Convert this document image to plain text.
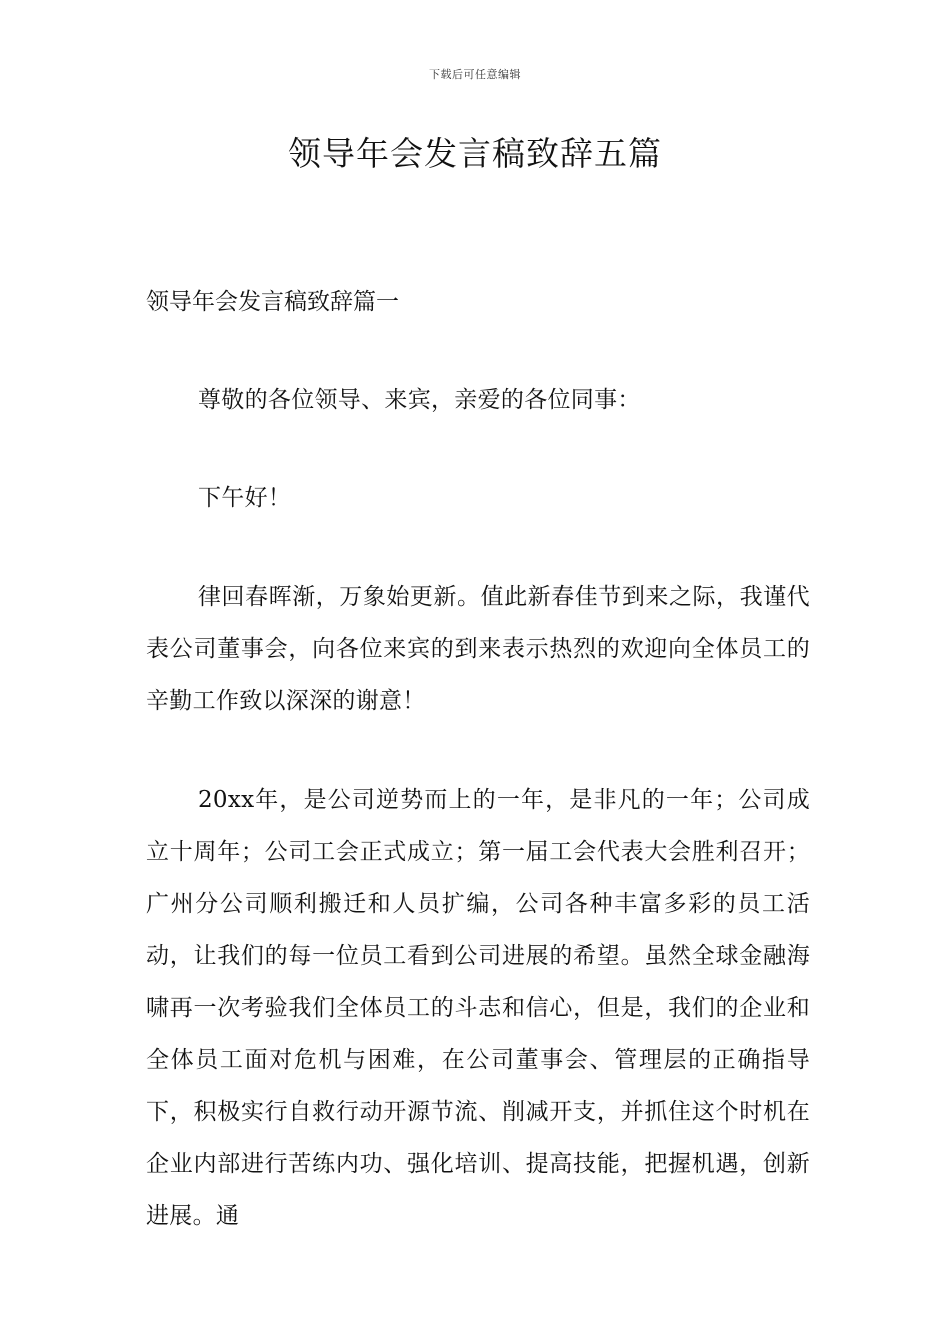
下载后可任意编辑
领导年会发言稿致辞五篇
领导年会发言稿致辞篇一

尊敬的各位领导、来宾，亲爱的各位同事：

下午好！

律回春晖渐，万象始更新。值此新春佳节到来之际，我谨代表公司董事会，向各位来宾的到来表示热烈的欢迎向全体员工的辛勤工作致以深深的谢意！

20xx年，是公司逆势而上的一年，是非凡的一年；公司成立十周年；公司工会正式成立；第一届工会代表大会胜利召开；广州分公司顺利搬迁和人员扩编，公司各种丰富多彩的员工活动，让我们的每一位员工看到公司进展的希望。虽然全球金融海啸再一次考验我们全体员工的斗志和信心，但是，我们的企业和全体员工面对危机与困难，在公司董事会、管理层的正确指导下，积极实行自救行动开源节流、削减开支，并抓住这个时机在企业内部进行苦练内功、强化培训、提高技能，把握机遇，创新进展。通
